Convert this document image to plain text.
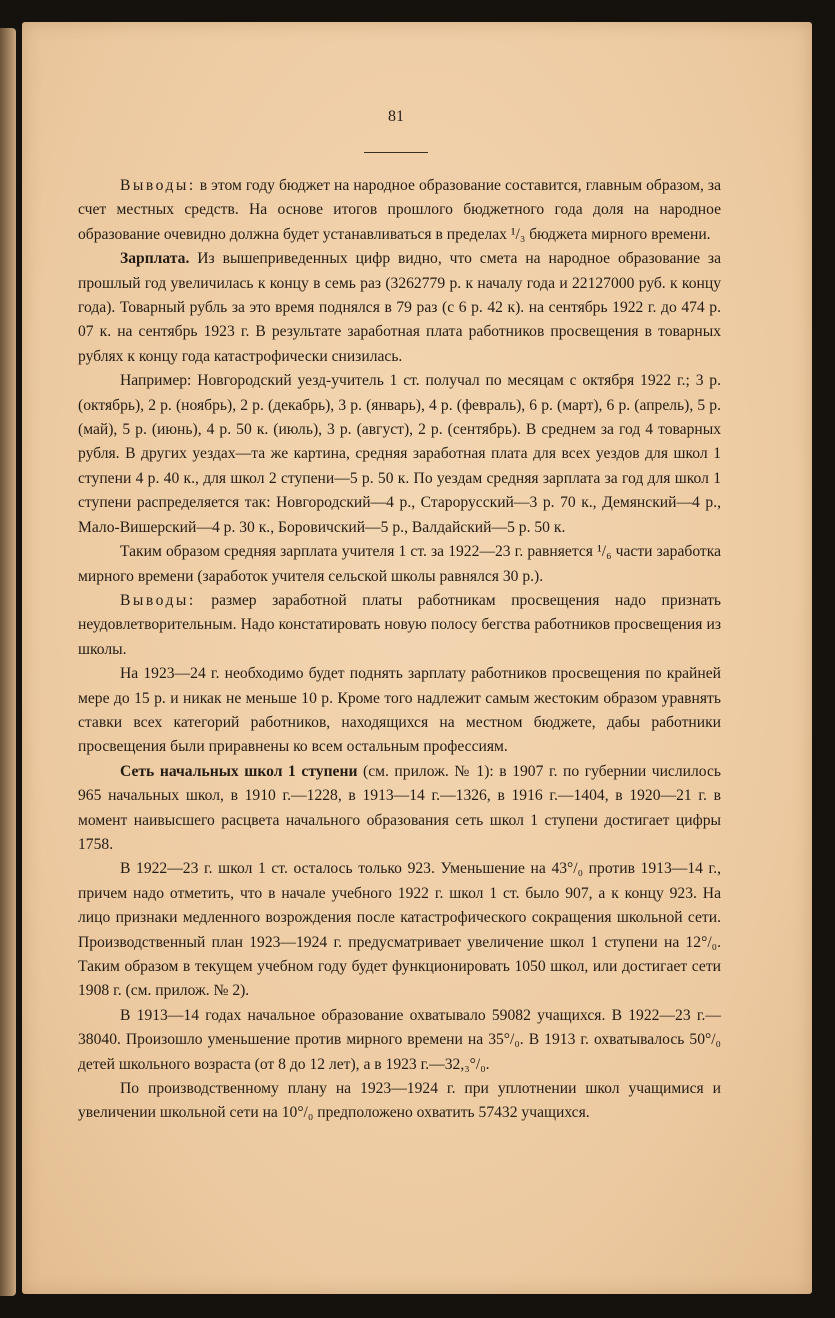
81

Выводы: в этом году бюджет на народное образование составится, главным образом, за счет местных средств. На основе итогов прошлого бюджетного года доля на народное образование очевидно должна будет устанавливаться в пределах ¹/₃ бюджета мирного времени.

Зарплата. Из вышеприведенных цифр видно, что смета на народное образование за прошлый год увеличилась к концу в семь раз (3262779 р. к началу года и 22127000 руб. к концу года). Товарный рубль за это время поднялся в 79 раз (с 6 р. 42 к). на сентябрь 1922 г. до 474 р. 07 к. на сентябрь 1923 г. В результате заработная плата работников просвещения в товарных рублях к концу года катастрофически снизилась.

Например: Новгородский уезд-учитель 1 ст. получал по месяцам с октября 1922 г.; 3 р. (октябрь), 2 р. (ноябрь), 2 р. (декабрь), 3 р. (январь), 4 р. (февраль), 6 р. (март), 6 р. (апрель), 5 р. (май), 5 р. (июнь), 4 р. 50 к. (июль), 3 р. (август), 2 р. (сентябрь). В среднем за год 4 товарных рубля. В других уездах—та же картина, средняя заработная плата для всех уездов для школ 1 ступени 4 р. 40 к., для школ 2 ступени—5 р. 50 к. По уездам средняя зарплата за год для школ 1 ступени распределяется так: Новгородский—4 р., Старорусский—3 р. 70 к., Демянский—4 р., Мало-Вишерский—4 р. 30 к., Боровичский—5 р., Валдайский—5 р. 50 к.

Таким образом средняя зарплата учителя 1 ст. за 1922—23 г. равняется ¹/₆ части заработка мирного времени (заработок учителя сельской школы равнялся 30 р.).

Выводы: размер заработной платы работникам просвещения надо признать неудовлетворительным. Надо констатировать новую полосу бегства работников просвещения из школы.

На 1923—24 г. необходимо будет поднять зарплату работников просвещения по крайней мере до 15 р. и никак не меньше 10 р. Кроме того надлежит самым жестоким образом уравнять ставки всех категорий работников, находящихся на местном бюджете, дабы работники просвещения были приравнены ко всем остальным профессиям.

Сеть начальных школ 1 ступени (см. прилож. № 1): в 1907 г. по губернии числилось 965 начальных школ, в 1910 г.—1228, в 1913—14 г.—1326, в 1916 г.—1404, в 1920—21 г. в момент наивысшего расцвета начального образования сеть школ 1 ступени достигает цифры 1758.

В 1922—23 г. школ 1 ст. осталось только 923. Уменьшение на 43°/₀ против 1913—14 г., причем надо отметить, что в начале учебного 1922 г. школ 1 ст. было 907, а к концу 923. На лицо признаки медленного возрождения после катастрофического сокращения школьной сети. Производственный план 1923—1924 г. предусматривает увеличение школ 1 ступени на 12°/₀. Таким образом в текущем учебном году будет функционировать 1050 школ, или достигает сети 1908 г. (см. прилож. № 2).

В 1913—14 годах начальное образование охватывало 59082 учащихся. В 1922—23 г.—38040. Произошло уменьшение против мирного времени на 35°/₀. В 1913 г. охватывалось 50°/₀ детей школьного возраста (от 8 до 12 лет), а в 1923 г.—32,₃°/₀.

По производственному плану на 1923—1924 г. при уплотнении школ учащимися и увеличении школьной сети на 10°/₀ предположено охватить 57432 учащихся.
